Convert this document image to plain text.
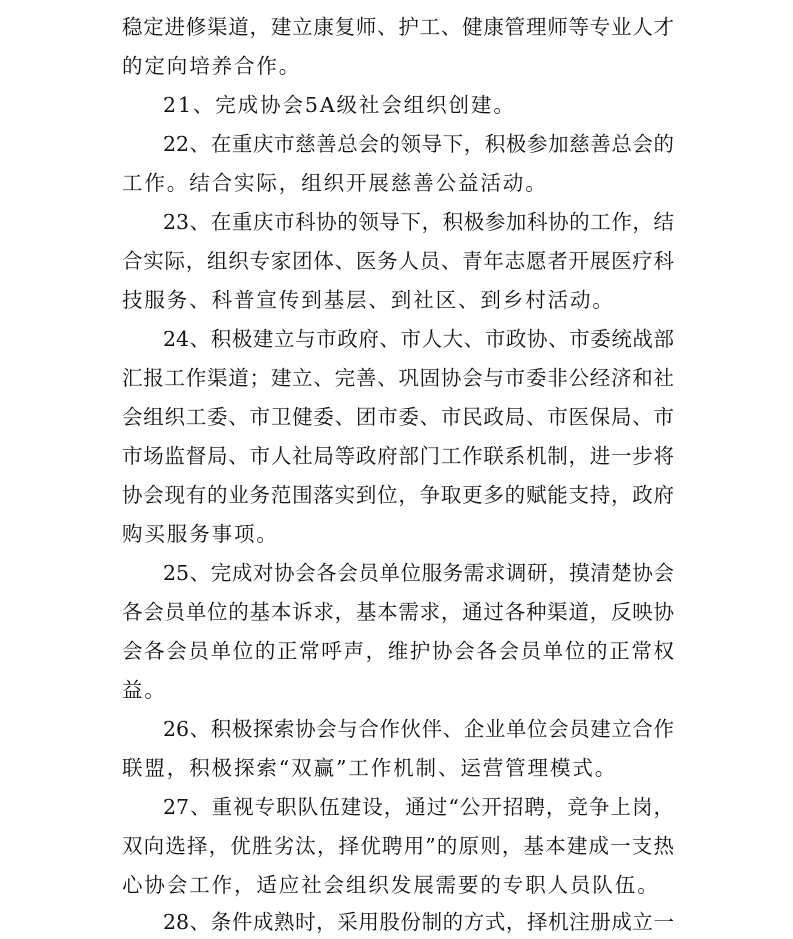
稳定进修渠道，建立康复师、护工、健康管理师等专业人才
的定向培养合作。
21、完成协会5A级社会组织创建。
22、在重庆市慈善总会的领导下，积极参加慈善总会的
工作。结合实际，组织开展慈善公益活动。
23、在重庆市科协的领导下，积极参加科协的工作，结
合实际，组织专家团体、医务人员、青年志愿者开展医疗科
技服务、科普宣传到基层、到社区、到乡村活动。
24、积极建立与市政府、市人大、市政协、市委统战部
汇报工作渠道；建立、完善、巩固协会与市委非公经济和社
会组织工委、市卫健委、团市委、市民政局、市医保局、市
市场监督局、市人社局等政府部门工作联系机制，进一步将
协会现有的业务范围落实到位，争取更多的赋能支持，政府
购买服务事项。
25、完成对协会各会员单位服务需求调研，摸清楚协会
各会员单位的基本诉求，基本需求，通过各种渠道，反映协
会各会员单位的正常呼声，维护协会各会员单位的正常权
益。
26、积极探索协会与合作伙伴、企业单位会员建立合作
联盟，积极探索“双赢”工作机制、运营管理模式。
27、重视专职队伍建设，通过“公开招聘，竞争上岗，
双向选择，优胜劣汰，择优聘用”的原则，基本建成一支热
心协会工作，适应社会组织发展需要的专职人员队伍。
28、条件成熟时，采用股份制的方式，择机注册成立一
